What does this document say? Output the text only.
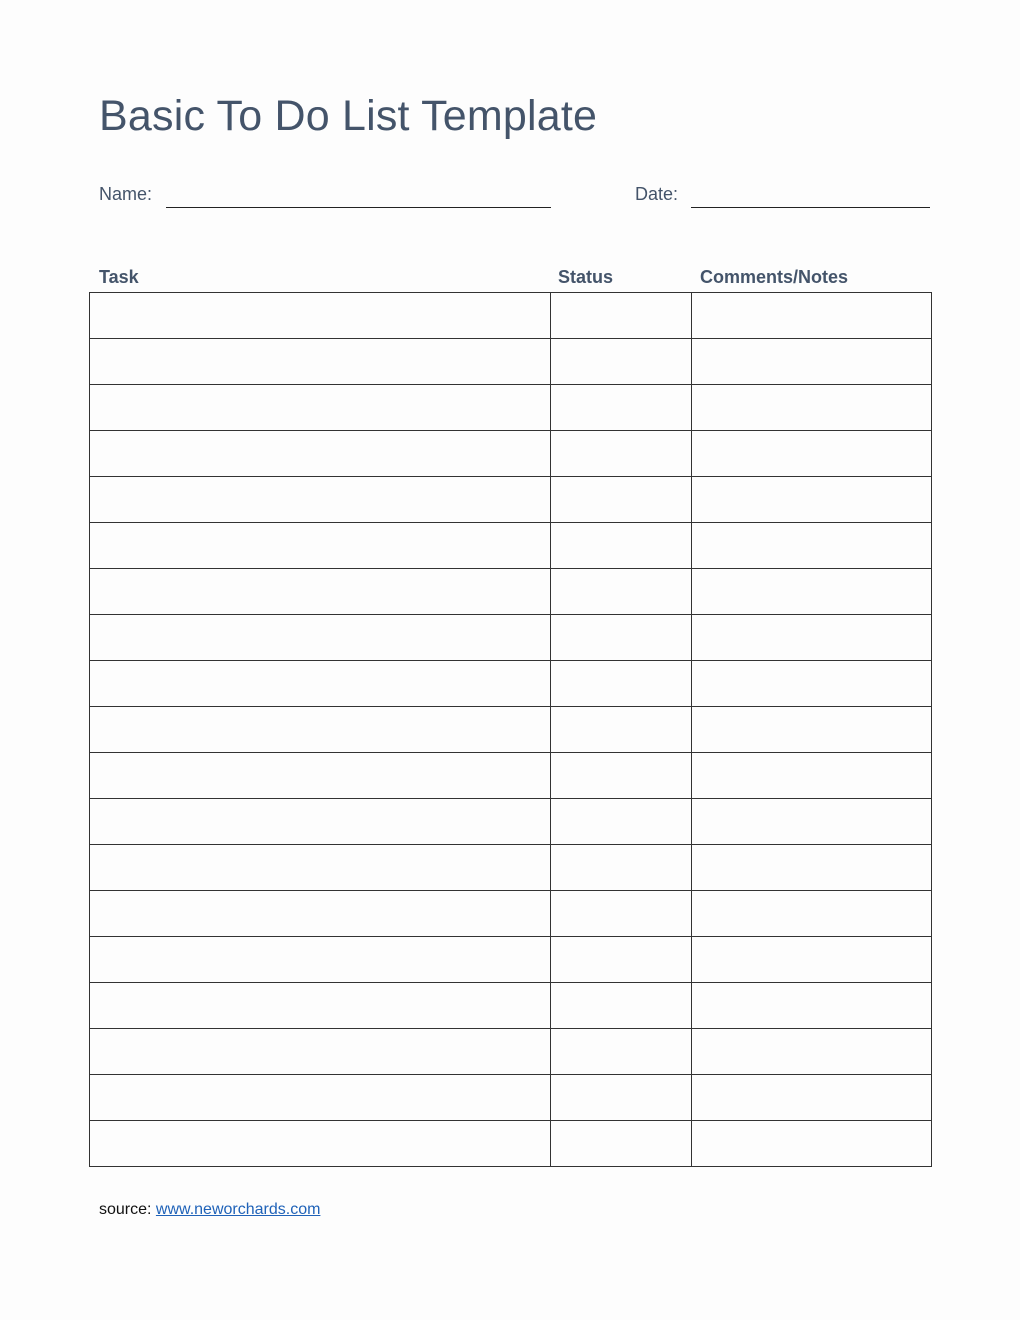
Basic To Do List Template
Name:	Date:
Task	Status	Comments/Notes

source: www.neworchards.com
